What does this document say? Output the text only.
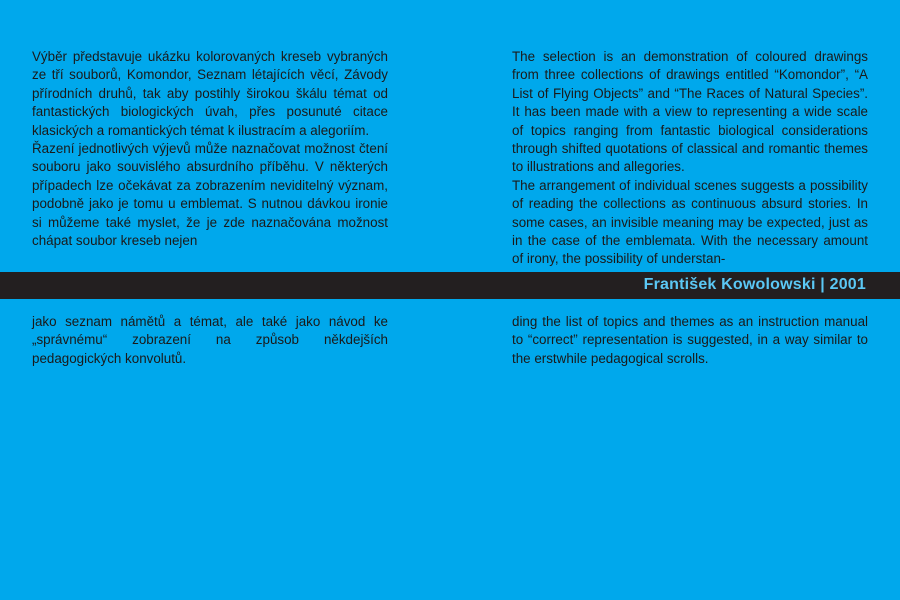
Výběr představuje ukázku kolorovaných kreseb vybraných ze tří souborů, Komondor, Seznam létajících věcí, Závody přírodních druhů, tak aby postihly širokou škálu témat od fantastických biologických úvah, přes posunuté citace klasických a romantických témat k ilustracím a alegoriím.

Řazení jednotlivých výjevů může naznačovat možnost čtení souboru jako souvislého absurdního příběhu. V některých případech lze očekávat za zobrazením neviditelný význam, podobně jako je tomu u emblemat. S nutnou dávkou ironie si můžeme také myslet, že je zde naznačována možnost chápat soubor kreseb nejen

The selection is an demonstration of coloured drawings from three collections of drawings entitled “Komondor”, “A List of Flying Objects” and “The Races of Natural Species”. It has been made with a view to representing a wide scale of topics ranging from fantastic biological considerations through shifted quotations of classical and romantic themes to illustrations and allegories.

The arrangement of individual scenes suggests a possibility of reading the collections as continuous absurd stories. In some cases, an invisible meaning may be expected, just as in the case of the emblemata. With the necessary amount of irony, the possibility of understan-

František Kowolowski | 2001

jako seznam námětů a témat, ale také jako návod ke „správnému“ zobrazení na způsob někdejších pedagogických konvolutů.

ding the list of topics and themes as an instruction manual to “correct” representation is suggested, in a way similar to the erstwhile pedagogical scrolls.
